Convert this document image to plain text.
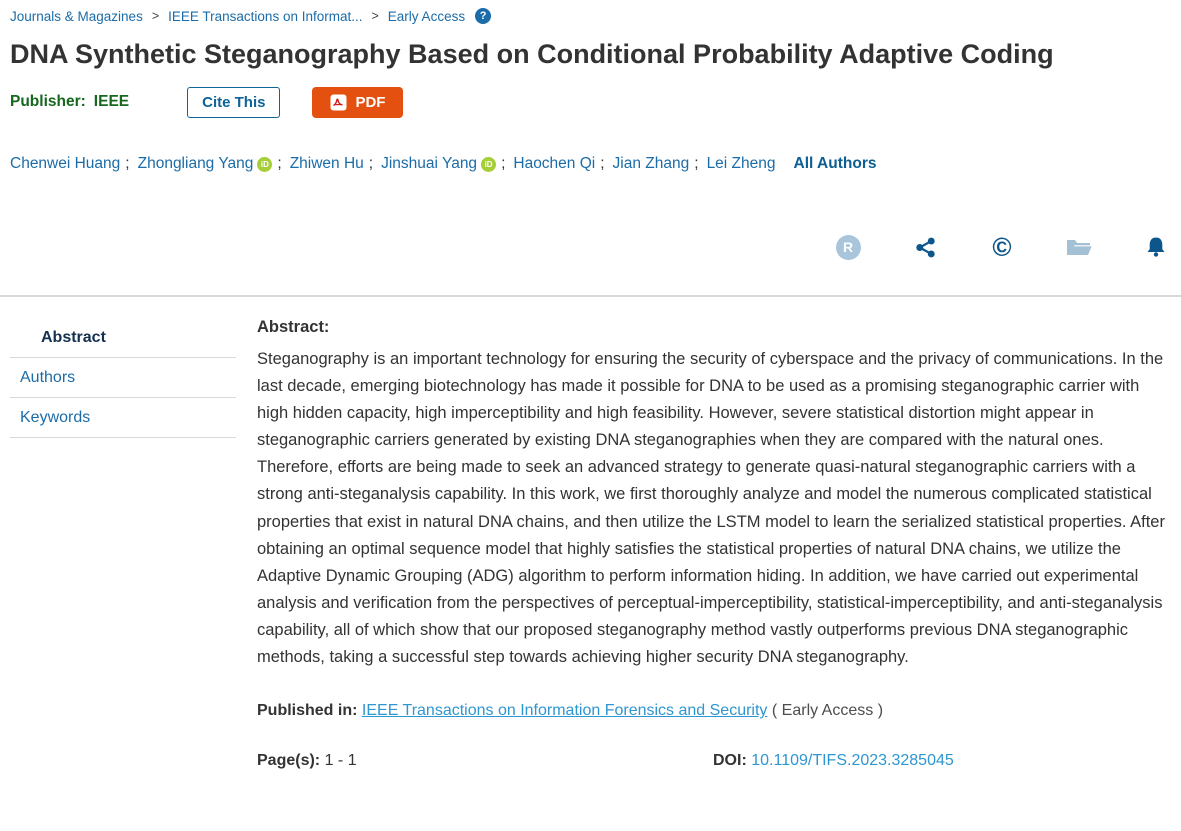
Journals & Magazines > IEEE Transactions on Informat... > Early Access	?
DNA Synthetic Steganography Based on Conditional Probability Adaptive Coding
Publisher: IEEE	Cite This	PDF
Chenwei Huang ; Zhongliang Yang iD ; Zhiwen Hu ; Jinshuai Yang iD ; Haochen Qi ; Jian Zhang ; Lei Zheng All Authors
R	©
Abstract
Authors
Keywords
Abstract:
Steganography is an important technology for ensuring the security of cyberspace and the privacy of communications. In the last decade, emerging biotechnology has made it possible for DNA to be used as a promising steganographic carrier with high hidden capacity, high imperceptibility and high feasibility. However, severe statistical distortion might appear in steganographic carriers generated by existing DNA steganographies when they are compared with the natural ones. Therefore, efforts are being made to seek an advanced strategy to generate quasi-natural steganographic carriers with a strong anti-steganalysis capability. In this work, we first thoroughly analyze and model the numerous complicated statistical properties that exist in natural DNA chains, and then utilize the LSTM model to learn the serialized statistical properties. After obtaining an optimal sequence model that highly satisfies the statistical properties of natural DNA chains, we utilize the Adaptive Dynamic Grouping (ADG) algorithm to perform information hiding. In addition, we have carried out experimental analysis and verification from the perspectives of perceptual-imperceptibility, statistical-imperceptibility, and anti-steganalysis capability, all of which show that our proposed steganography method vastly outperforms previous DNA steganographic methods, taking a successful step towards achieving higher security DNA steganography.
Published in: IEEE Transactions on Information Forensics and Security ( Early Access )
Page(s): 1 - 1	DOI: 10.1109/TIFS.2023.3285045
